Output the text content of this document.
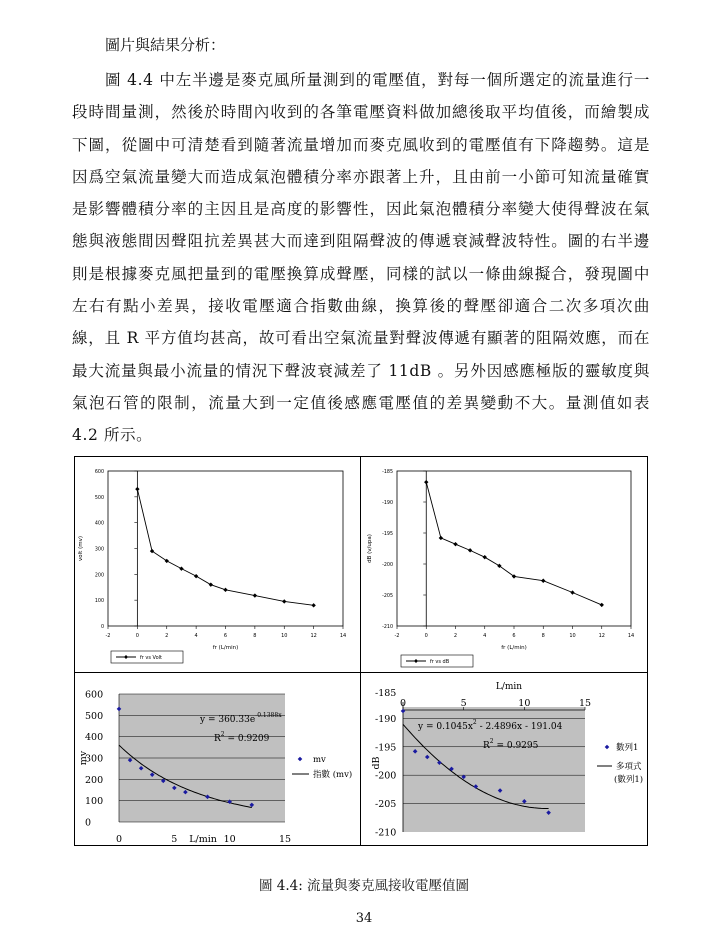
圖片與結果分析：

圖 4.4 中左半邊是麥克風所量測到的電壓值，對每一個所選定的流量進行一段時間量測，然後於時間內收到的各筆電壓資料做加總後取平均值後，而繪製成下圖，從圖中可清楚看到隨著流量增加而麥克風收到的電壓值有下降趨勢。這是因爲空氣流量變大而造成氣泡體積分率亦跟著上升，且由前一小節可知流量確實是影響體積分率的主因且是高度的影響性，因此氣泡體積分率變大使得聲波在氣態與液態間因聲阻抗差異甚大而達到阻隔聲波的傳遞衰減聲波特性。圖的右半邊則是根據麥克風把量到的電壓換算成聲壓，同樣的試以一條曲線擬合，發現圖中左右有點小差異，接收電壓適合指數曲線，換算後的聲壓卻適合二次多項次曲線，且 R 平方值均甚高，故可看出空氣流量對聲波傳遞有顯著的阻隔效應，而在最大流量與最小流量的情況下聲波衰減差了 11dB 。另外因感應極版的靈敏度與氣泡石管的限制，流量大到一定值後感應電壓值的差異變動不大。量測值如表 4.2 所示。

0
100
200
300
400
500
600
-2	0	2	4	6	8	10	12	14
fr (L/min)
volt (mv)
fr vs Volt
-185
-190
-195
-200
-205
-210
-2	0	2	4	6	8	10	12	14
fr (L/min)
dB (v/upa)
fr vs dB
0
100
200
300
400
500
600
0	5	10	15
L/min
mv
$y = 360.33e^{-0.1388x}$
$R^2 = 0.9209$
mv
指數 (mv)
-185
-190
-195
-200
-205
-210
0	5	10	15
L/min
dB
$y = 0.1045x^2 - 2.4896x - 191.04$
$R^2 = 0.9295$	數列1
多項式
(數列1)

圖 4.4: 流量與麥克風接收電壓值圖

34
